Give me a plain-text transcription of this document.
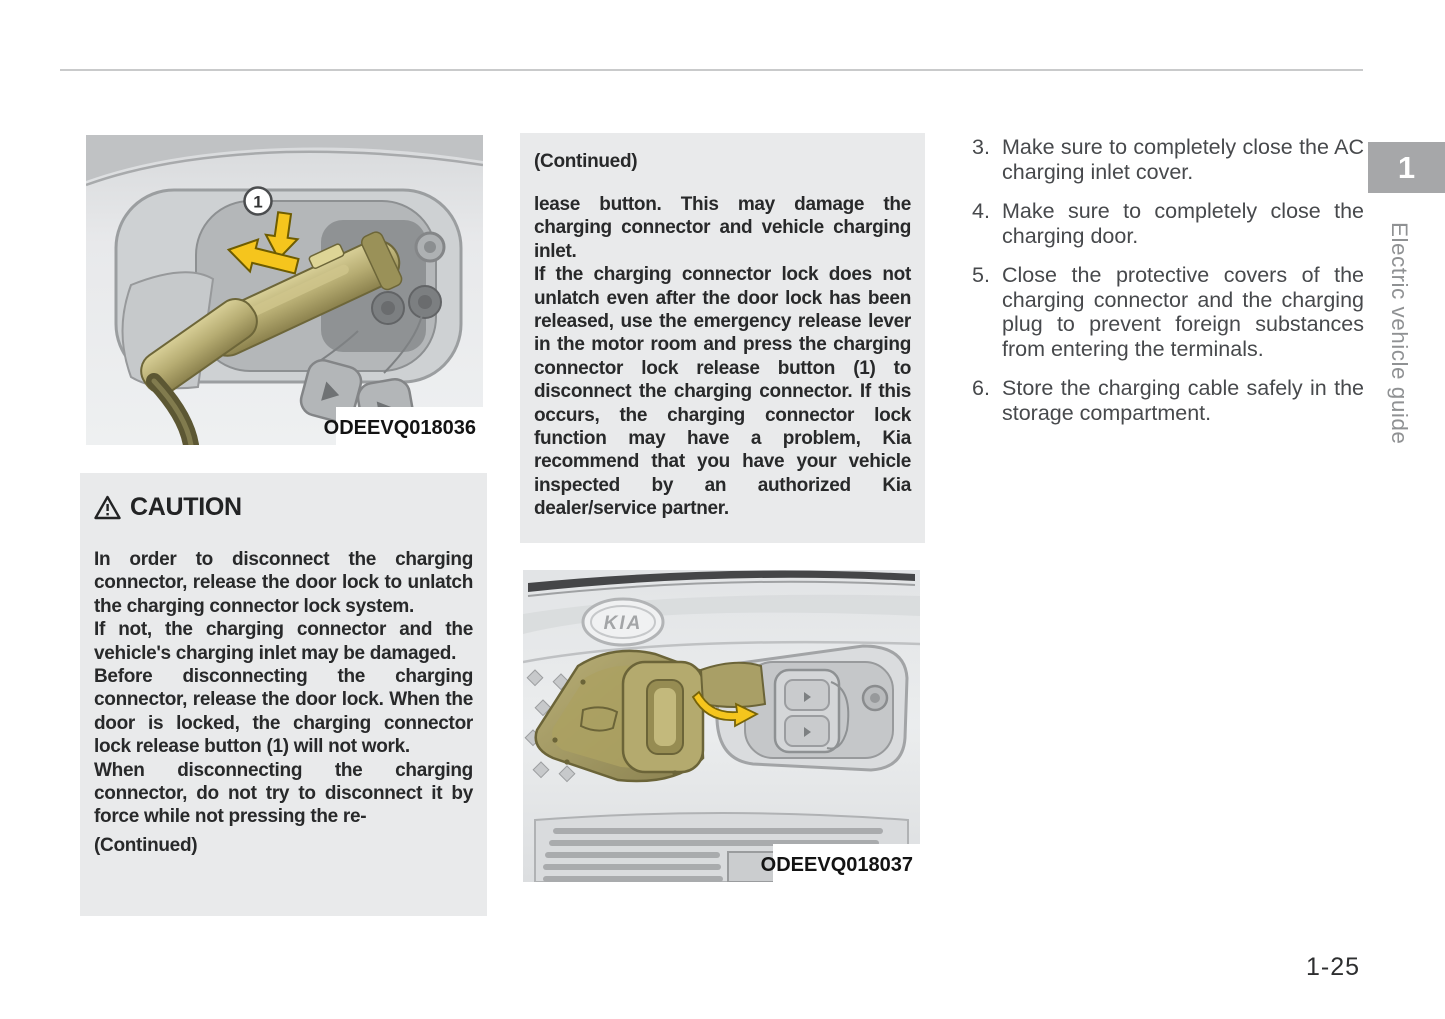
1
ODEEVQ018036
CAUTION

In order to disconnect the charging connector, release the door lock to unlatch the charging connector lock system.

If not, the charging connector and the vehicle's charging inlet may be damaged.

Before disconnecting the charging connector, release the door lock. When the door is locked, the charging connector lock release button (1) will not work.

When disconnecting the charging connector, do not try to disconnect it by force while not pressing the re-

(Continued)

(Continued)

lease button. This may damage the charging connector and vehicle charging inlet.

If the charging connector lock does not unlatch even after the door lock has been released, use the emergency release lever in the motor room and press the charging connector lock release button (1) to disconnect the charging connector. If this occurs, the charging connector lock function may have a problem, Kia recommend that you have your vehicle inspected by an authorized Kia dealer/service partner.

KIA
ODEEVQ018037
3. Make sure to completely close the AC charging inlet cover.
4. Make sure to completely close the charging door.
5. Close the protective covers of the charging connector and the charging plug to prevent foreign substances from entering the terminals.
6. Store the charging cable safely in the storage compartment.
1
Electric vehicle guide
1-25
